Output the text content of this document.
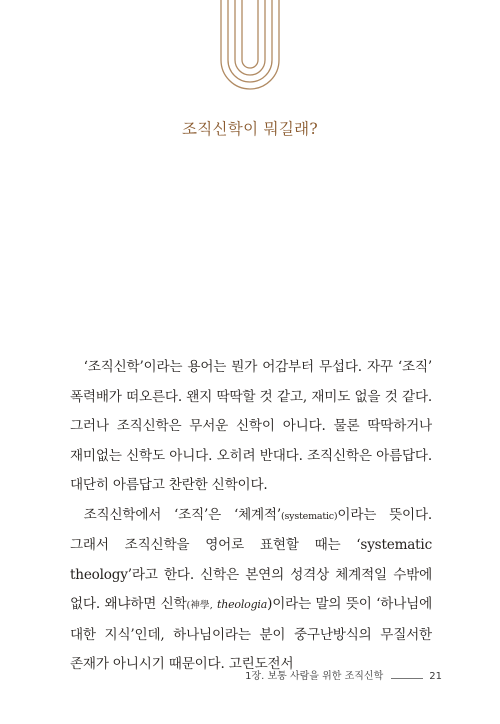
조직신학이 뭐길래?

‘조직신학’이라는 용어는 뭔가 어감부터 무섭다. 자꾸 ‘조직’ 폭력배가 떠오른다. 왠지 딱딱할 것 같고, 재미도 없을 것 같다. 그러나 조직신학은 무서운 신학이 아니다. 물론 딱딱하거나 재미없는 신학도 아니다. 오히려 반대다. 조직신학은 아름답다. 대단히 아름답고 찬란한 신학이다.

조직신학에서 ‘조직’은 ‘체계적’(systematic)이라는 뜻이다. 그래서 조직신학을 영어로 표현할 때는 ‘systematic theology’라고 한다. 신학은 본연의 성격상 체계적일 수밖에 없다. 왜냐하면 신학(神學, theologia)이라는 말의 뜻이 ‘하나님에 대한 지식’인데, 하나님이라는 분이 중구난방식의 무질서한 존재가 아니시기 때문이다. 고린도전서

1장. 보통 사람을 위한 조직신학	21
